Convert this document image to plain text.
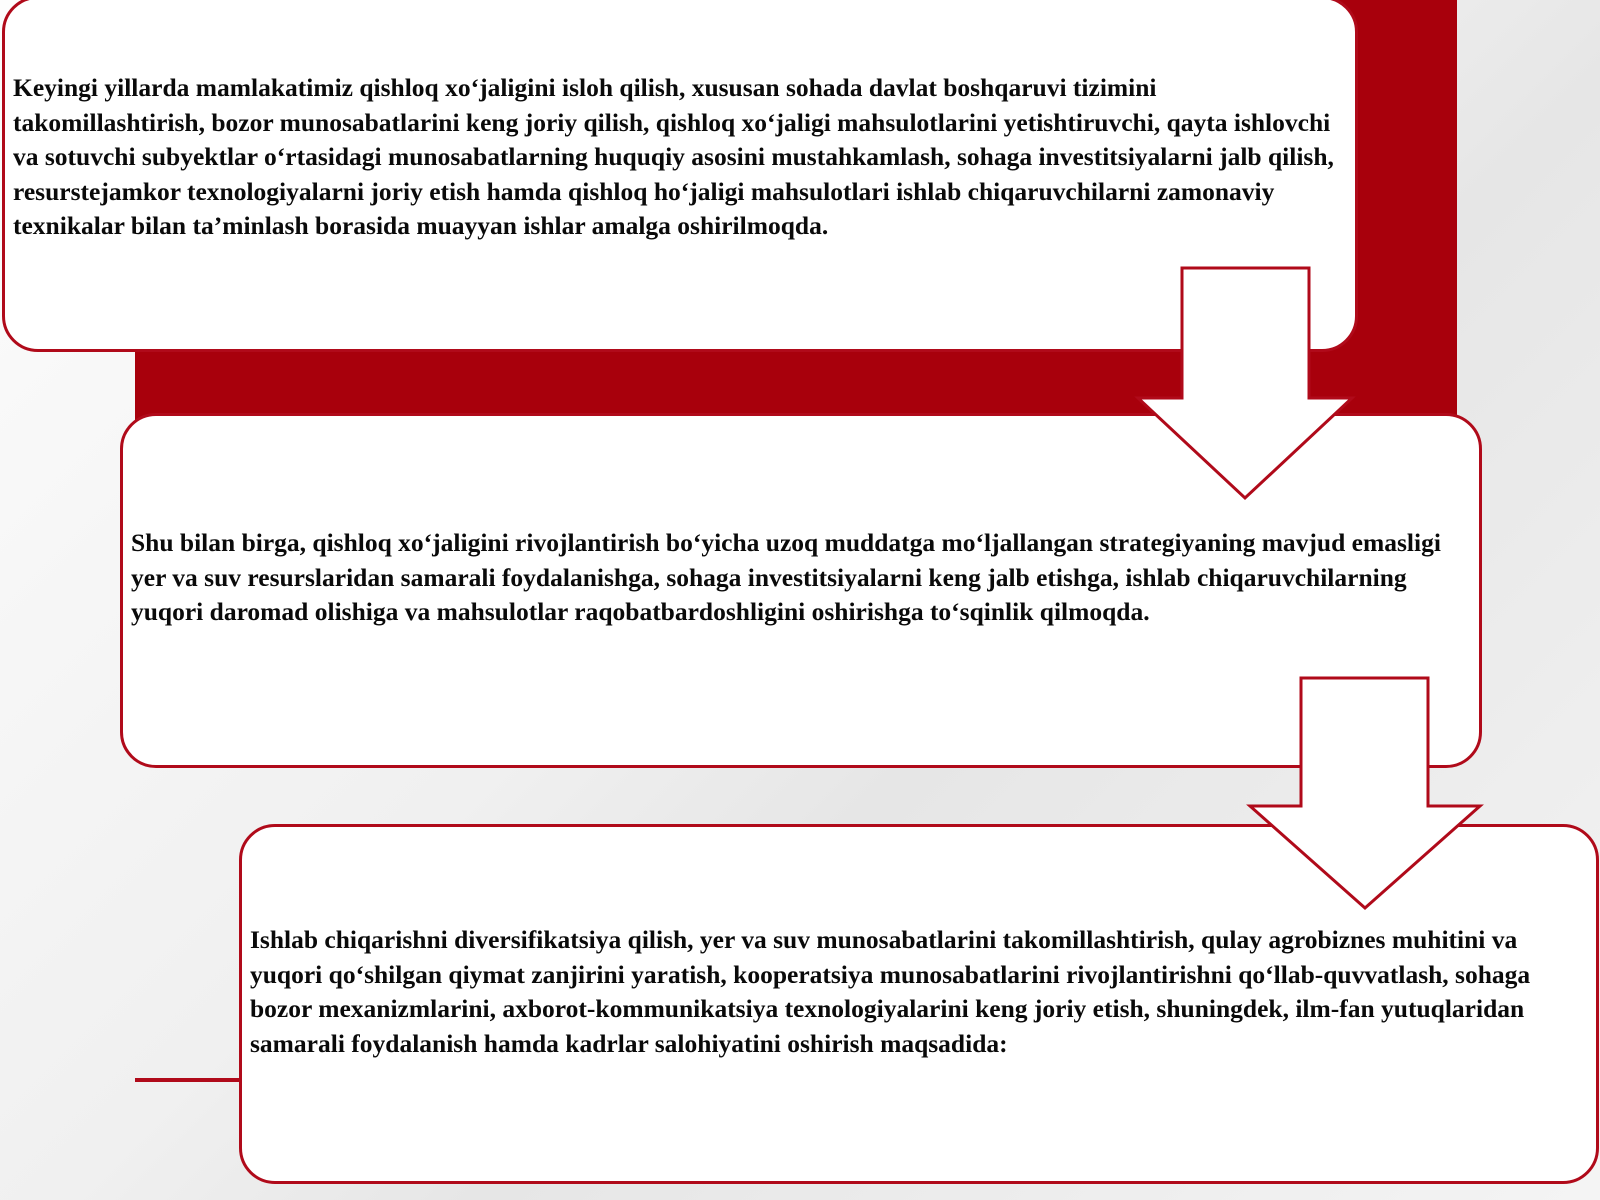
Keyingi yillarda mamlakatimiz qishloq xo‘jaligini isloh qilish, xususan sohada davlat boshqaruvi tizimini takomillashtirish, bozor munosabatlarini keng joriy qilish, qishloq xo‘jaligi mahsulotlarini yetishtiruvchi, qayta ishlovchi va sotuvchi subyektlar o‘rtasidagi munosabatlarning huquqiy asosini mustahkamlash, sohaga investitsiyalarni jalb qilish, resurstejamkor texnologiyalarni joriy etish hamda qishloq ho‘jaligi mahsulotlari ishlab chiqaruvchilarni zamonaviy texnikalar bilan ta’minlash borasida muayyan ishlar amalga oshirilmoqda.

Shu bilan birga, qishloq xo‘jaligini rivojlantirish bo‘yicha uzoq muddatga mo‘ljallangan strategiyaning mavjud emasligi yer va suv resurslaridan samarali foydalanishga, sohaga investitsiyalarni keng jalb etishga, ishlab chiqaruvchilarning yuqori daromad olishiga va mahsulotlar raqobatbardoshligini oshirishga to‘sqinlik qilmoqda.

Ishlab chiqarishni diversifikatsiya qilish, yer va suv munosabatlarini takomillashtirish, qulay agrobiznes muhitini va yuqori qo‘shilgan qiymat zanjirini yaratish, kooperatsiya munosabatlarini rivojlantirishni qo‘llab-quvvatlash, sohaga bozor mexanizmlarini, axborot-kommunikatsiya texnologiyalarini keng joriy etish, shuningdek, ilm-fan yutuqlaridan samarali foydalanish hamda kadrlar salohiyatini oshirish maqsadida:
